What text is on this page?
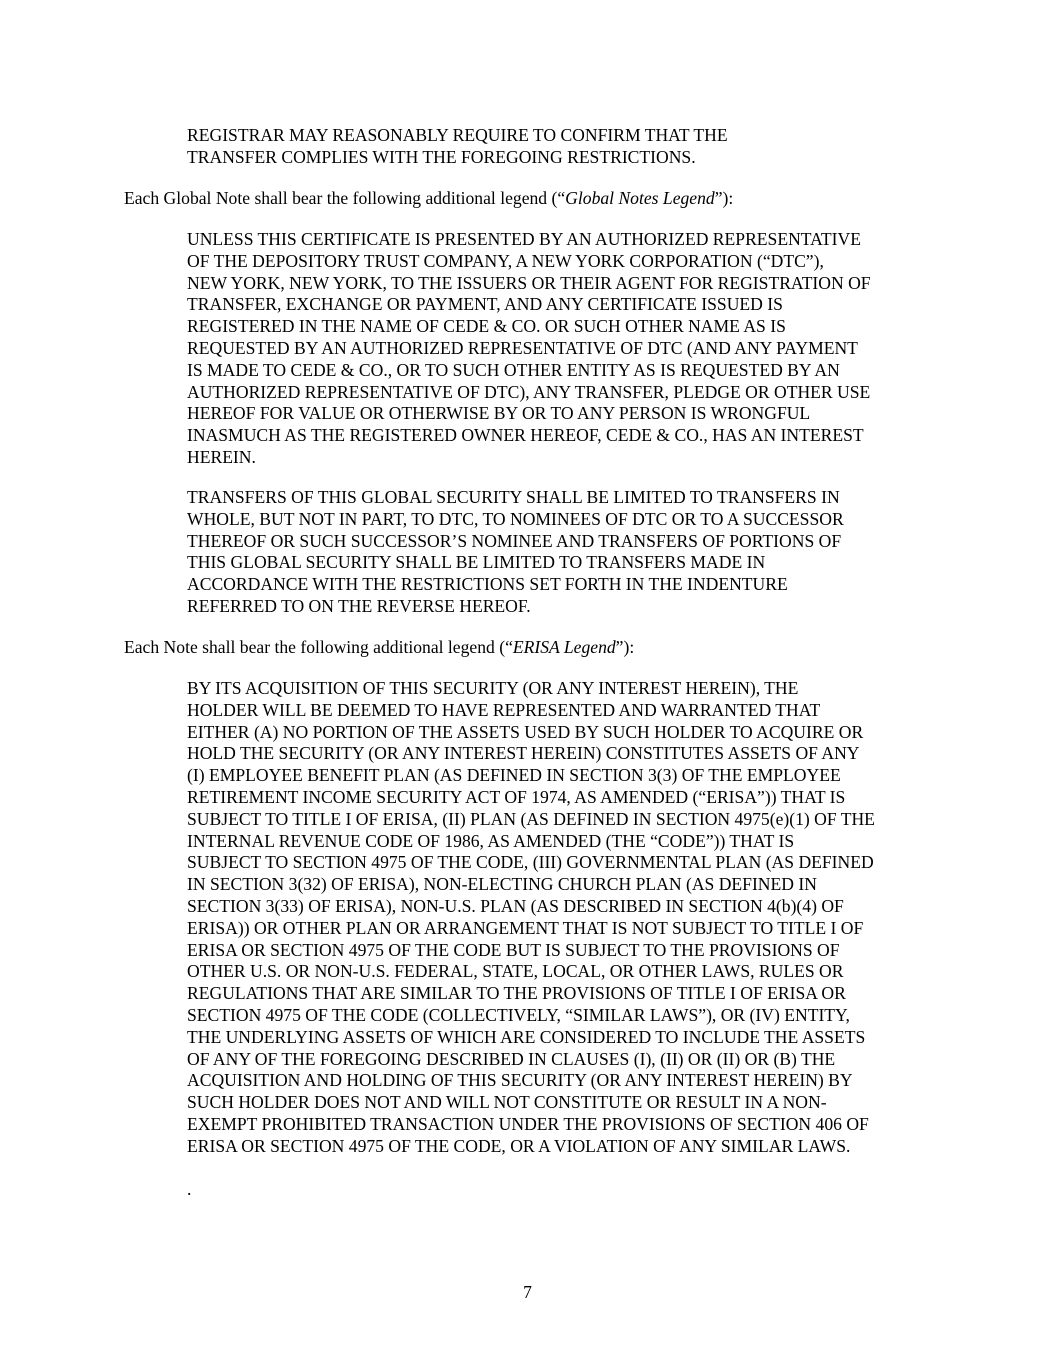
REGISTRAR MAY REASONABLY REQUIRE TO CONFIRM THAT THE
TRANSFER COMPLIES WITH THE FOREGOING RESTRICTIONS.

Each Global Note shall bear the following additional legend (“Global Notes Legend”):

UNLESS THIS CERTIFICATE IS PRESENTED BY AN AUTHORIZED REPRESENTATIVE
OF THE DEPOSITORY TRUST COMPANY, A NEW YORK CORPORATION (“DTC”),
NEW YORK, NEW YORK, TO THE ISSUERS OR THEIR AGENT FOR REGISTRATION OF
TRANSFER, EXCHANGE OR PAYMENT, AND ANY CERTIFICATE ISSUED IS
REGISTERED IN THE NAME OF CEDE & CO. OR SUCH OTHER NAME AS IS
REQUESTED BY AN AUTHORIZED REPRESENTATIVE OF DTC (AND ANY PAYMENT
IS MADE TO CEDE & CO., OR TO SUCH OTHER ENTITY AS IS REQUESTED BY AN
AUTHORIZED REPRESENTATIVE OF DTC), ANY TRANSFER, PLEDGE OR OTHER USE
HEREOF FOR VALUE OR OTHERWISE BY OR TO ANY PERSON IS WRONGFUL
INASMUCH AS THE REGISTERED OWNER HEREOF, CEDE & CO., HAS AN INTEREST
HEREIN.

TRANSFERS OF THIS GLOBAL SECURITY SHALL BE LIMITED TO TRANSFERS IN
WHOLE, BUT NOT IN PART, TO DTC, TO NOMINEES OF DTC OR TO A SUCCESSOR
THEREOF OR SUCH SUCCESSOR’S NOMINEE AND TRANSFERS OF PORTIONS OF
THIS GLOBAL SECURITY SHALL BE LIMITED TO TRANSFERS MADE IN
ACCORDANCE WITH THE RESTRICTIONS SET FORTH IN THE INDENTURE
REFERRED TO ON THE REVERSE HEREOF.

Each Note shall bear the following additional legend (“ERISA Legend”):

BY ITS ACQUISITION OF THIS SECURITY (OR ANY INTEREST HEREIN), THE
HOLDER WILL BE DEEMED TO HAVE REPRESENTED AND WARRANTED THAT
EITHER (A) NO PORTION OF THE ASSETS USED BY SUCH HOLDER TO ACQUIRE OR
HOLD THE SECURITY (OR ANY INTEREST HEREIN) CONSTITUTES ASSETS OF ANY
(I) EMPLOYEE BENEFIT PLAN (AS DEFINED IN SECTION 3(3) OF THE EMPLOYEE
RETIREMENT INCOME SECURITY ACT OF 1974, AS AMENDED (“ERISA”)) THAT IS
SUBJECT TO TITLE I OF ERISA, (II) PLAN (AS DEFINED IN SECTION 4975(e)(1) OF THE
INTERNAL REVENUE CODE OF 1986, AS AMENDED (THE “CODE”)) THAT IS
SUBJECT TO SECTION 4975 OF THE CODE, (III) GOVERNMENTAL PLAN (AS DEFINED
IN SECTION 3(32) OF ERISA), NON-ELECTING CHURCH PLAN (AS DEFINED IN
SECTION 3(33) OF ERISA), NON-U.S. PLAN (AS DESCRIBED IN SECTION 4(b)(4) OF
ERISA)) OR OTHER PLAN OR ARRANGEMENT THAT IS NOT SUBJECT TO TITLE I OF
ERISA OR SECTION 4975 OF THE CODE BUT IS SUBJECT TO THE PROVISIONS OF
OTHER U.S. OR NON-U.S. FEDERAL, STATE, LOCAL, OR OTHER LAWS, RULES OR
REGULATIONS THAT ARE SIMILAR TO THE PROVISIONS OF TITLE I OF ERISA OR
SECTION 4975 OF THE CODE (COLLECTIVELY, “SIMILAR LAWS”), OR (IV) ENTITY,
THE UNDERLYING ASSETS OF WHICH ARE CONSIDERED TO INCLUDE THE ASSETS
OF ANY OF THE FOREGOING DESCRIBED IN CLAUSES (I), (II) OR (II) OR (B) THE
ACQUISITION AND HOLDING OF THIS SECURITY (OR ANY INTEREST HEREIN) BY
SUCH HOLDER DOES NOT AND WILL NOT CONSTITUTE OR RESULT IN A NON-
EXEMPT PROHIBITED TRANSACTION UNDER THE PROVISIONS OF SECTION 406 OF
ERISA OR SECTION 4975 OF THE CODE, OR A VIOLATION OF ANY SIMILAR LAWS.

.
7
